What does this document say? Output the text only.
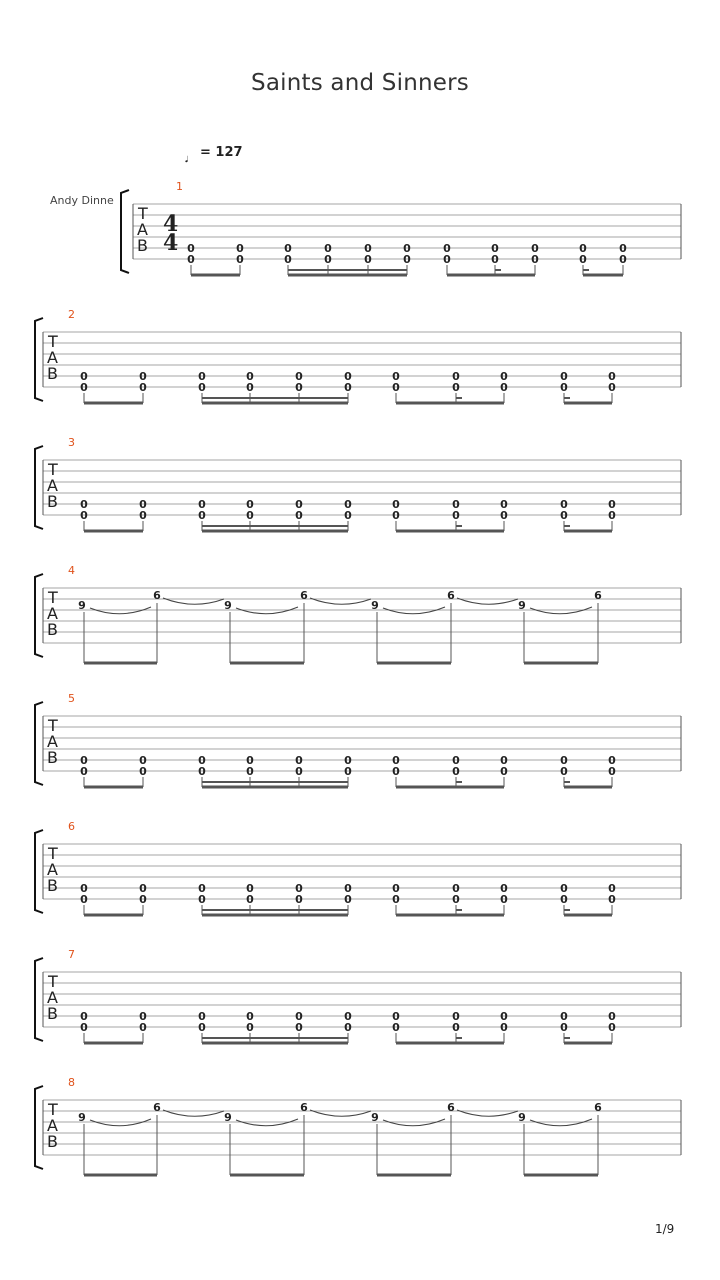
Saints and Sinners
= 127
Andy Dinne
T
A
B
1
4
4 0
0
0
0
0
0
0
0
0
0
0
0
0
0
0
0
0
0
0
0
0
0
T
A
B
2
0
0
0
0
0
0
0
0
0
0
0
0
0
0
0
0
0
0
0
0
0
0
T
A
B
3
0
0
0
0
0
0
0
0
0
0
0
0
0
0
0
0
0
0
0
0
0
0
T
A
B
4
9
6
9
6
9
6
9
6
T
A
B
5
0
0
0
0
0
0
0
0
0
0
0
0
0
0
0
0
0
0
0
0
0
0
T
A
B
6
0
0
0
0
0
0
0
0
0
0
0
0
0
0
0
0
0
0
0
0
0
0
T
A
B
7
0
0
0
0
0
0
0
0
0
0
0
0
0
0
0
0
0
0
0
0
0
0
T
A
B
8
9
6
9
6
9
6
9
6
1/9
